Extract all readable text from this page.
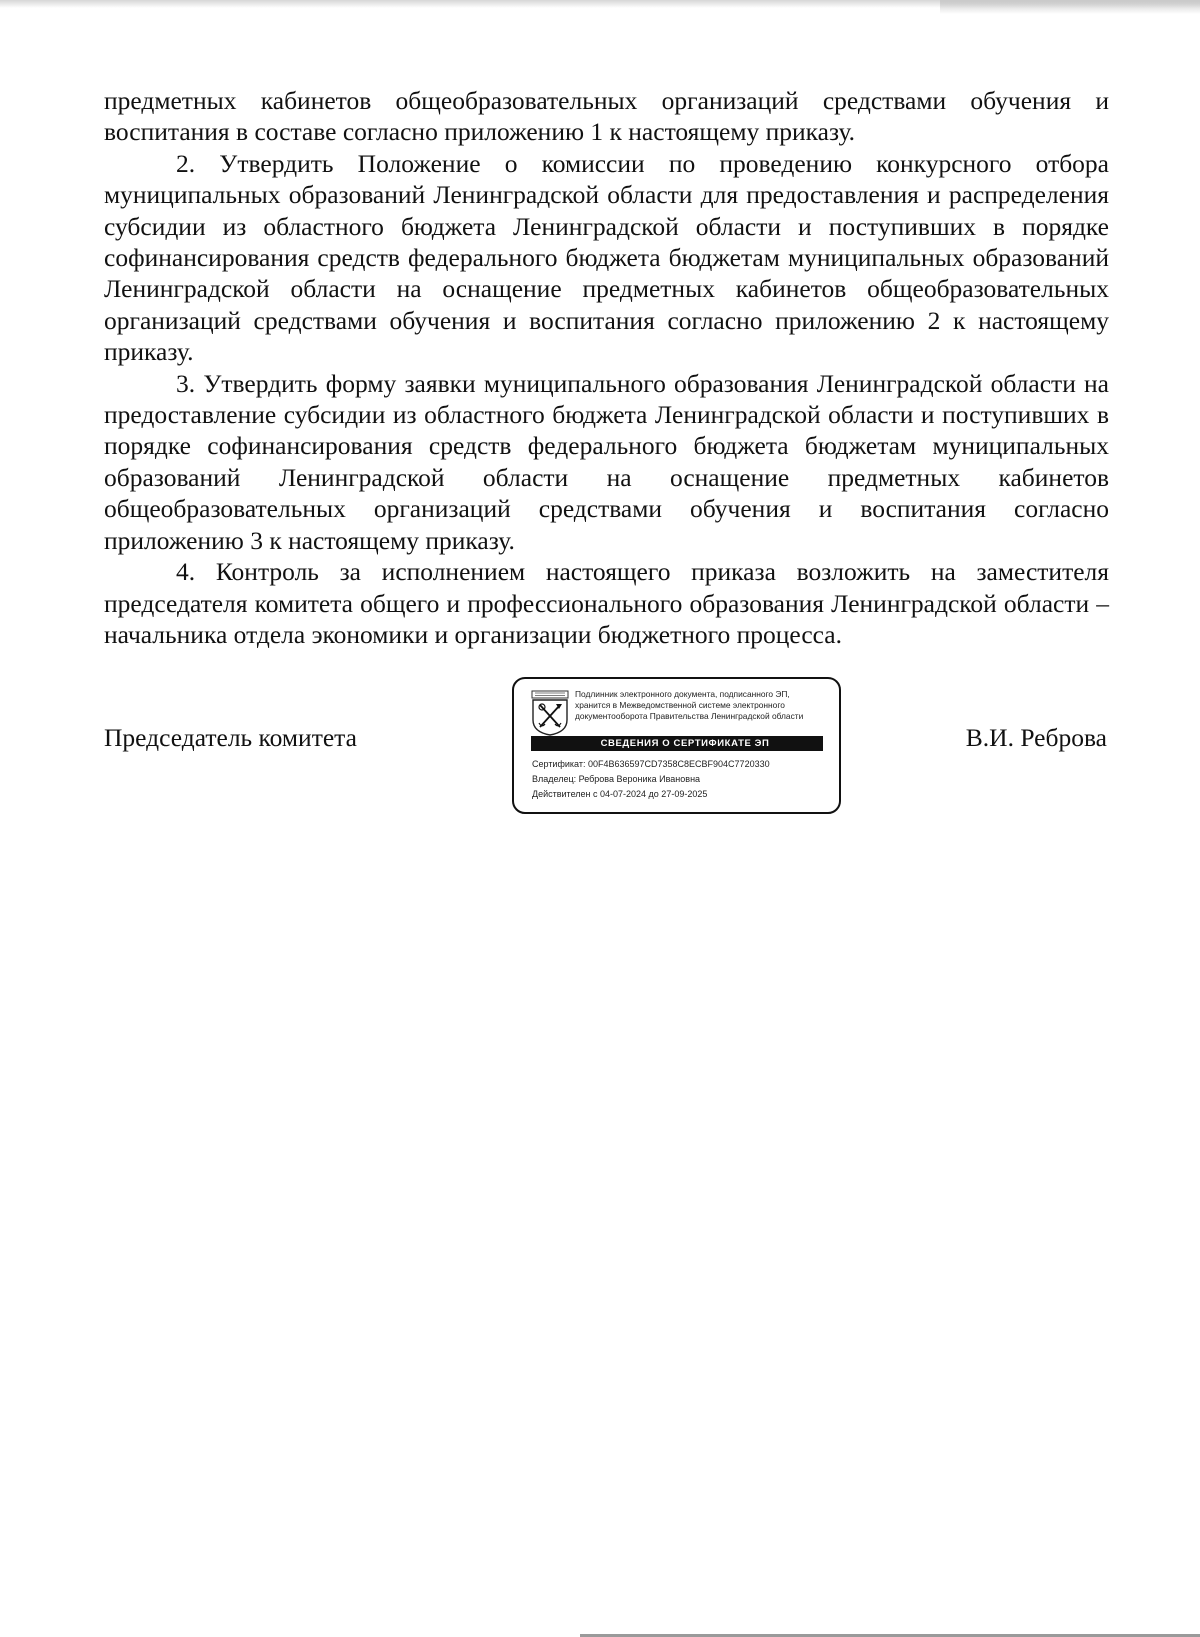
предметных кабинетов общеобразовательных организаций средствами обучения и воспитания в составе согласно приложению 1 к настоящему приказу.

2. Утвердить Положение о комиссии по проведению конкурсного отбора муниципальных образований Ленинградской области для предоставления и распределения субсидии из областного бюджета Ленинградской области и поступивших в порядке софинансирования средств федерального бюджета бюджетам муниципальных образований Ленинградской области на оснащение предметных кабинетов общеобразовательных организаций средствами обучения и воспитания согласно приложению 2 к настоящему приказу.

3. Утвердить форму заявки муниципального образования Ленинградской области на предоставление субсидии из областного бюджета Ленинградской области и поступивших в порядке софинансирования средств федерального бюджета бюджетам муниципальных образований Ленинградской области на оснащение предметных кабинетов общеобразовательных организаций средствами обучения и воспитания согласно приложению 3 к настоящему приказу.

4. Контроль за исполнением настоящего приказа возложить на заместителя председателя комитета общего и профессионального образования Ленинградской области – начальника отдела экономики и организации бюджетного процесса.

Председатель комитета
Подлинник электронного документа, подписанного ЭП,
хранится в Межведомственной системе электронного
документооборота Правительства Ленинградской области
СВЕДЕНИЯ О СЕРТИФИКАТЕ ЭП
Сертификат: 00F4B636597CD7358C8ECBF904C7720330
Владелец: Реброва Вероника Ивановна
Действителен с 04-07-2024 до 27-09-2025
В.И. Реброва
